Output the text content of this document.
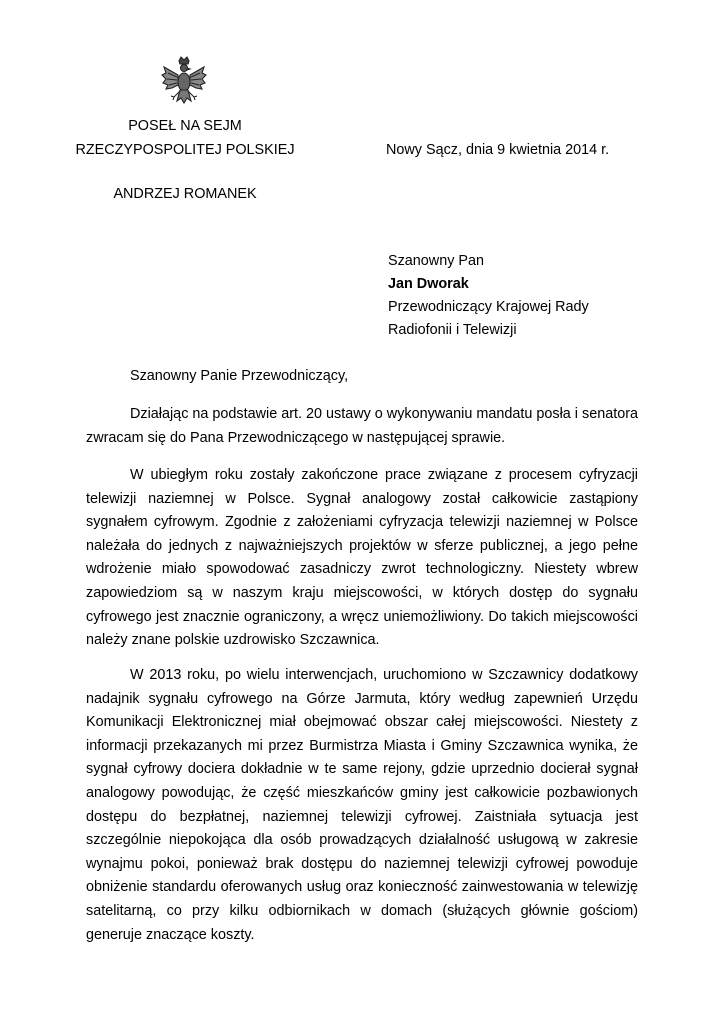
POSEŁ NA SEJM
RZECZYPOSPOLITEJ POLSKIEJ
ANDRZEJ ROMANEK
Nowy Sącz, dnia 9 kwietnia 2014 r.
Szanowny Pan
Jan Dworak
Przewodniczący Krajowej Rady
Radiofonii i Telewizji
Szanowny Panie Przewodniczący,

Działając na podstawie art. 20 ustawy o wykonywaniu mandatu posła i senatora zwracam się do Pana Przewodniczącego w następującej sprawie.

W ubiegłym roku zostały zakończone prace związane z procesem cyfryzacji telewizji naziemnej w Polsce. Sygnał analogowy został całkowicie zastąpiony sygnałem cyfrowym. Zgodnie z założeniami cyfryzacja telewizji naziemnej w Polsce należała do jednych z najważniejszych projektów w sferze publicznej, a jego pełne wdrożenie miało spowodować zasadniczy zwrot technologiczny. Niestety wbrew zapowiedziom są w naszym kraju miejscowości, w których dostęp do sygnału cyfrowego jest znacznie ograniczony, a wręcz uniemożliwiony. Do takich miejscowości należy znane polskie uzdrowisko Szczawnica.

W 2013 roku, po wielu interwencjach, uruchomiono w Szczawnicy dodatkowy nadajnik sygnału cyfrowego na Górze Jarmuta, który według zapewnień Urzędu Komunikacji Elektronicznej miał obejmować obszar całej miejscowości. Niestety z informacji przekazanych mi przez Burmistrza Miasta i Gminy Szczawnica wynika, że sygnał cyfrowy dociera dokładnie w te same rejony, gdzie uprzednio docierał sygnał analogowy powodując, że część mieszkańców gminy jest całkowicie pozbawionych dostępu do bezpłatnej, naziemnej telewizji cyfrowej. Zaistniała sytuacja jest szczególnie niepokojąca dla osób prowadzących działalność usługową w zakresie wynajmu pokoi, ponieważ brak dostępu do naziemnej telewizji cyfrowej powoduje obniżenie standardu oferowanych usług oraz konieczność zainwestowania w telewizję satelitarną, co przy kilku odbiornikach w domach (służących głównie gościom) generuje znaczące koszty.
